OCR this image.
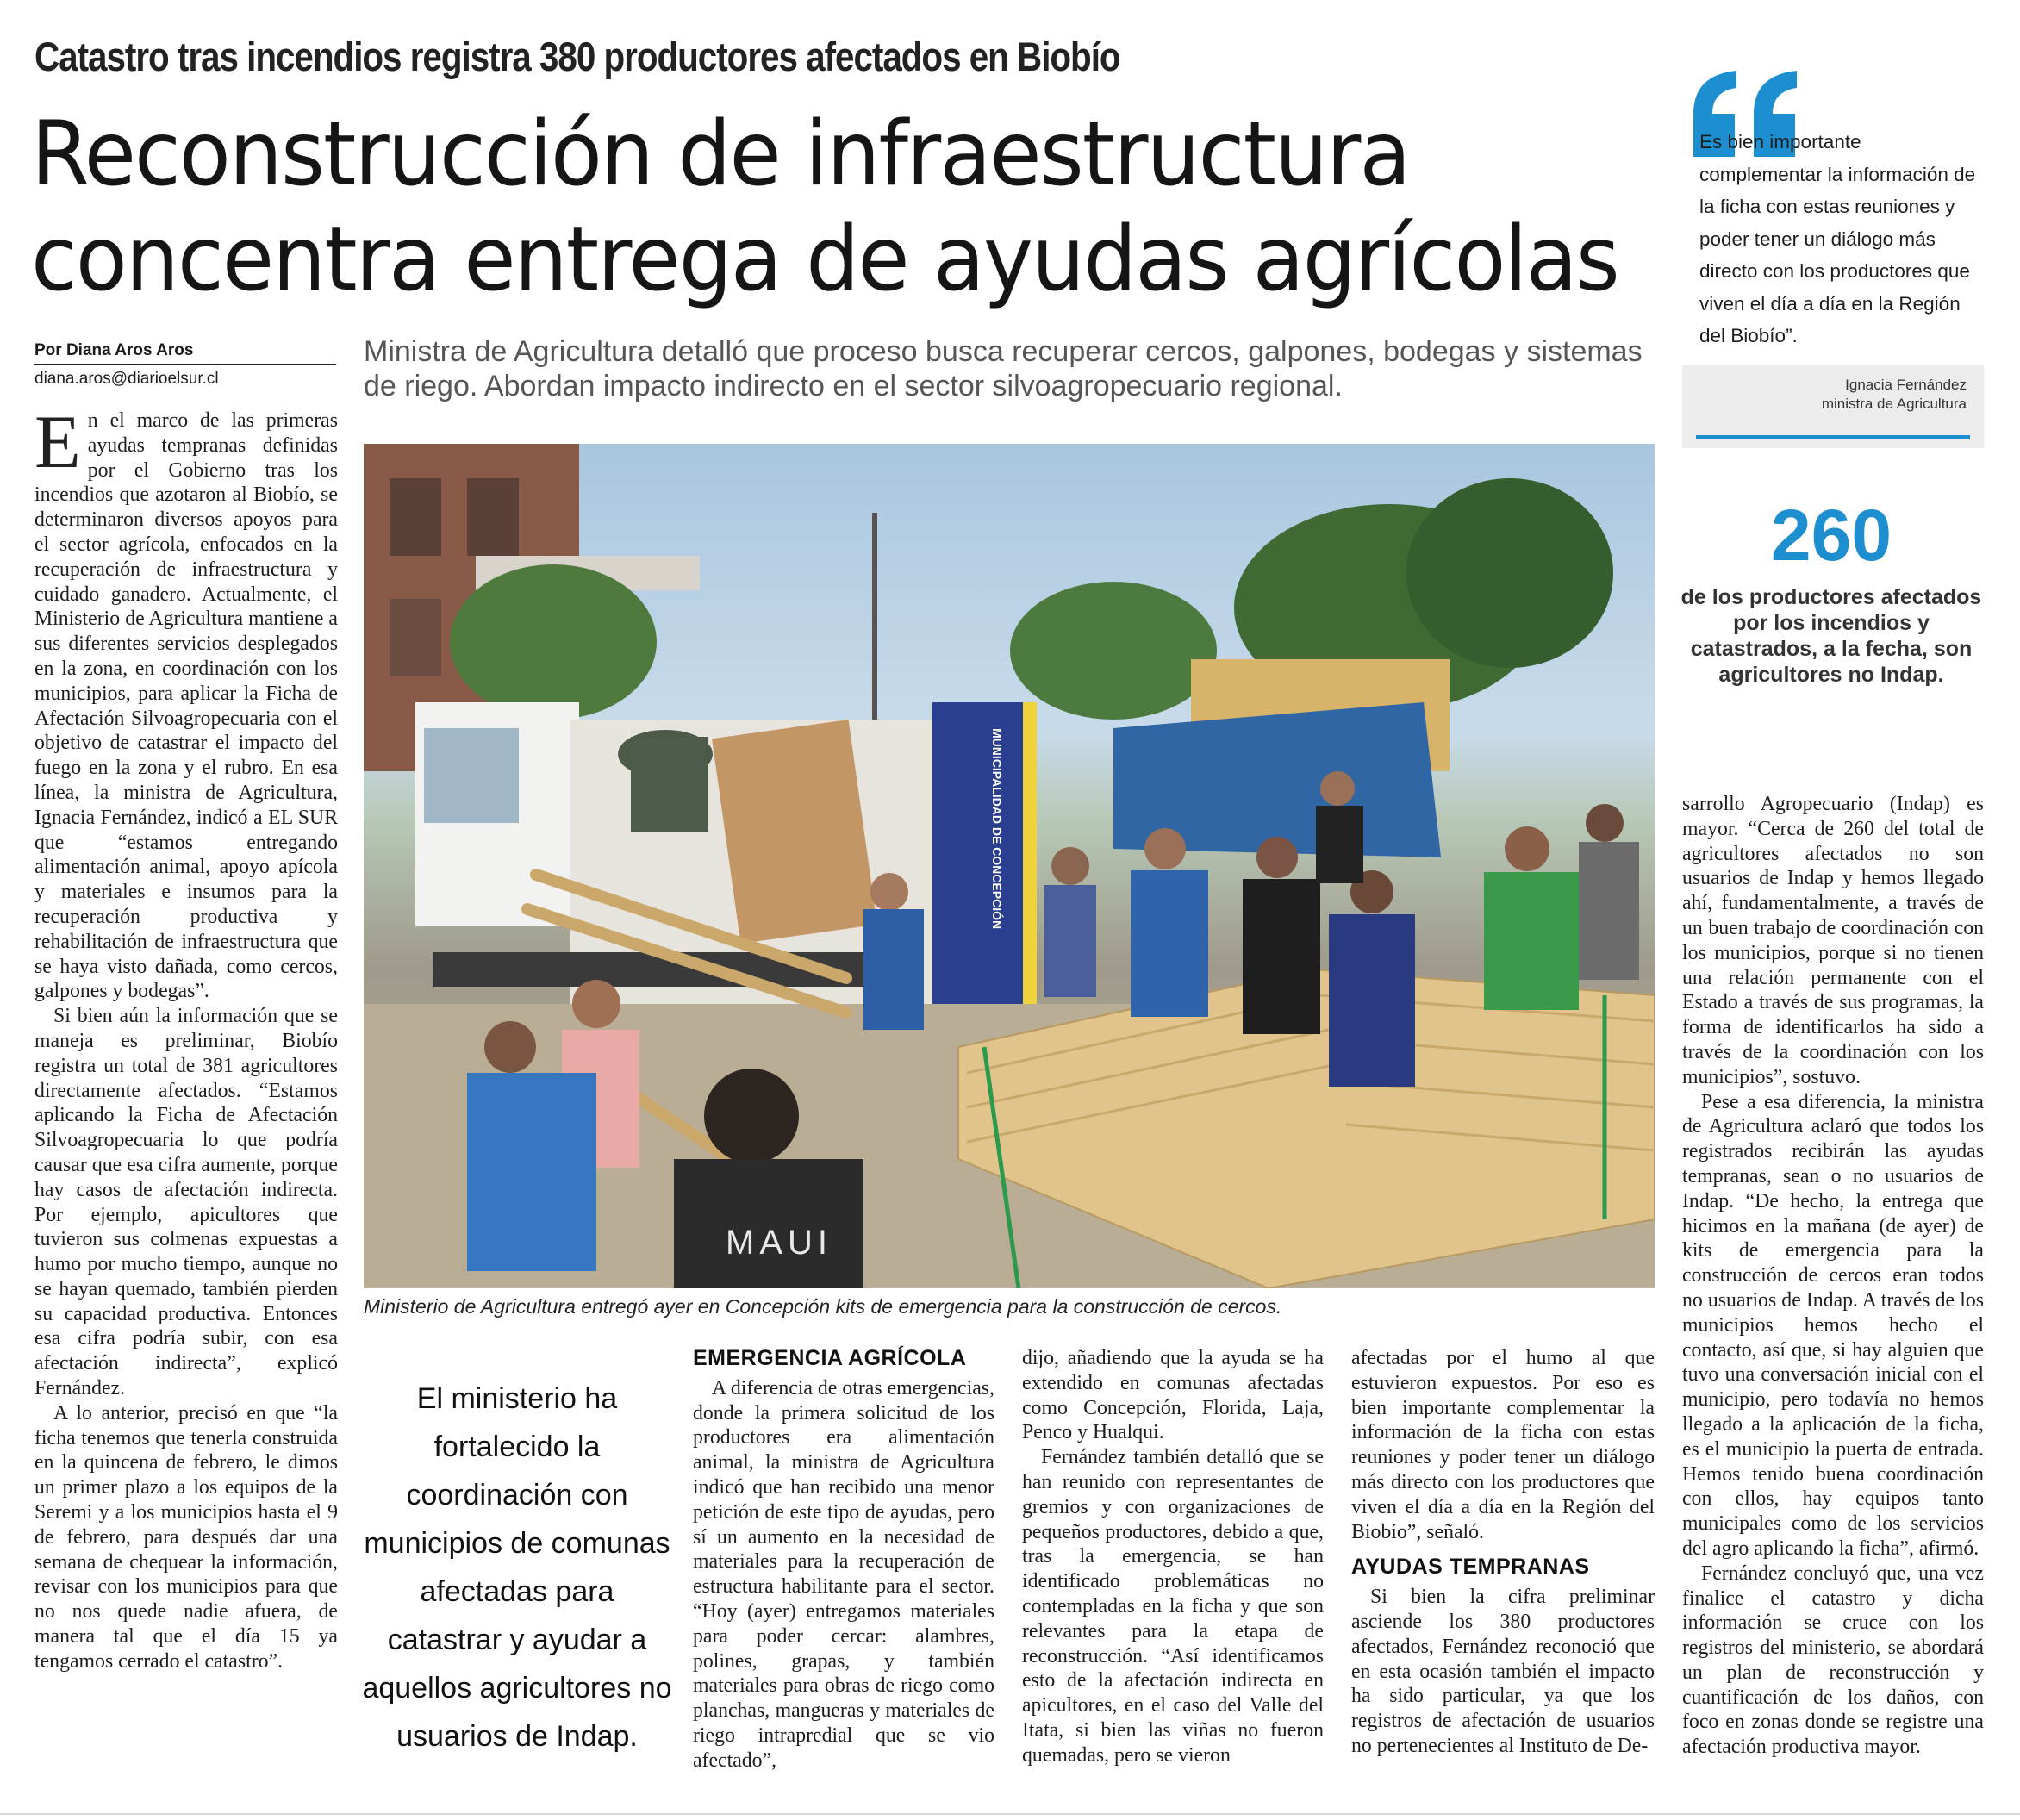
Catastro tras incendios registra 380 productores afectados en Biobío
Reconstrucción de infraestructura
concentra entrega de ayudas agrícolas
Por Diana Aros Aros
diana.aros@diarioelsur.cl
Ministra de Agricultura detalló que proceso busca recuperar cercos, galpones, bodegas y sistemas de riego. Abordan impacto indirecto en el sector silvoagropecuario regional.
MUNICIPALIDAD DE CONCEPCIÓN
MAUI
Ministerio de Agricultura entregó ayer en Concepción kits de emergencia para la construcción de cercos.

En el marco de las primeras ayudas tempranas definidas por el Gobierno tras los incendios que azotaron al Biobío, se determinaron diversos apoyos para el sector agrícola, enfocados en la recuperación de infraestructura y cuidado ganadero. Actualmente, el Ministerio de Agricultura mantiene a sus diferentes servicios desplegados en la zona, en coordinación con los municipios, para aplicar la Ficha de Afectación Silvoagropecuaria con el objetivo de catastrar el impacto del fuego en la zona y el rubro. En esa línea, la ministra de Agricultura, Ignacia Fernández, indicó a EL SUR que “estamos entregando alimentación animal, apoyo apícola y materiales e insumos para la recuperación productiva y rehabilitación de infraestructura que se haya visto dañada, como cercos, galpones y bodegas”.

Si bien aún la información que se maneja es preliminar, Biobío registra un total de 381 agricultores directamente afectados. “Estamos aplicando la Ficha de Afectación Silvoagropecuaria lo que podría causar que esa cifra aumente, porque hay casos de afectación indirecta. Por ejemplo, apicultores que tuvieron sus colmenas expuestas a humo por mucho tiempo, aunque no se hayan quemado, también pierden su capacidad productiva. Entonces esa cifra podría subir, con esa afectación indirecta”, explicó Fernández.

A lo anterior, precisó en que “la ficha tenemos que tenerla construida en la quincena de febrero, le dimos un primer plazo a los equipos de la Seremi y a los municipios hasta el 9 de febrero, para después dar una semana de chequear la información, revisar con los municipios para que no nos quede nadie afuera, de manera tal que el día 15 ya tengamos cerrado el catastro”.

El ministerio ha fortalecido la coordinación con municipios de comunas afectadas para catastrar y ayudar a aquellos agricultores no usuarios de Indap.
EMERGENCIA AGRÍCOLA

A diferencia de otras emergencias, donde la primera solicitud de los productores era alimentación animal, la ministra de Agricultura indicó que han recibido una menor petición de este tipo de ayudas, pero sí un aumento en la necesidad de materiales para la recuperación de estructura habilitante para el sector. “Hoy (ayer) entregamos materiales para poder cercar: alambres, polines, grapas, y también materiales para obras de riego como planchas, mangueras y materiales de riego intrapredial que se vio afectado”,

dijo, añadiendo que la ayuda se ha extendido en comunas afectadas como Concepción, Florida, Laja, Penco y Hualqui.

Fernández también detalló que se han reunido con representantes de gremios y con organizaciones de pequeños productores, debido a que, tras la emergencia, se han identificado problemáticas no contempladas en la ficha y que son relevantes para la etapa de reconstrucción. “Así identificamos esto de la afectación indirecta en apicultores, en el caso del Valle del Itata, si bien las viñas no fueron quemadas, pero se vieron

afectadas por el humo al que estuvieron expuestos. Por eso es bien importante complementar la información de la ficha con estas reuniones y poder tener un diálogo más directo con los productores que viven el día a día en la Región del Biobío”, señaló.

AYUDAS TEMPRANAS

Si bien la cifra preliminar asciende los 380 productores afectados, Fernández reconoció que en esta ocasión también el impacto ha sido particular, ya que los registros de afectación de usuarios no pertenecientes al Instituto de De-

Es bien importante complementar la información de la ficha con estas reuniones y poder tener un diálogo más directo con los productores que viven el día a día en la Región del Biobío”.
Ignacia Fernández
ministra de Agricultura
260
de los productores afectados por los incendios y catastrados, a la fecha, son agricultores no Indap.

sarrollo Agropecuario (Indap) es mayor. “Cerca de 260 del total de agricultores afectados no son usuarios de Indap y hemos llegado ahí, fundamentalmente, a través de un buen trabajo de coordinación con los municipios, porque si no tienen una relación permanente con el Estado a través de sus programas, la forma de identificarlos ha sido a través de la coordinación con los municipios”, sostuvo.

Pese a esa diferencia, la ministra de Agricultura aclaró que todos los registrados recibirán las ayudas tempranas, sean o no usuarios de Indap. “De hecho, la entrega que hicimos en la mañana (de ayer) de kits de emergencia para la construcción de cercos eran todos no usuarios de Indap. A través de los municipios hemos hecho el contacto, así que, si hay alguien que tuvo una conversación inicial con el municipio, pero todavía no hemos llegado a la aplicación de la ficha, es el municipio la puerta de entrada. Hemos tenido buena coordinación con ellos, hay equipos tanto municipales como de los servicios del agro aplicando la ficha”, afirmó.

Fernández concluyó que, una vez finalice el catastro y dicha información se cruce con los registros del ministerio, se abordará un plan de reconstrucción y cuantificación de los daños, con foco en zonas donde se registre una afectación productiva mayor.
